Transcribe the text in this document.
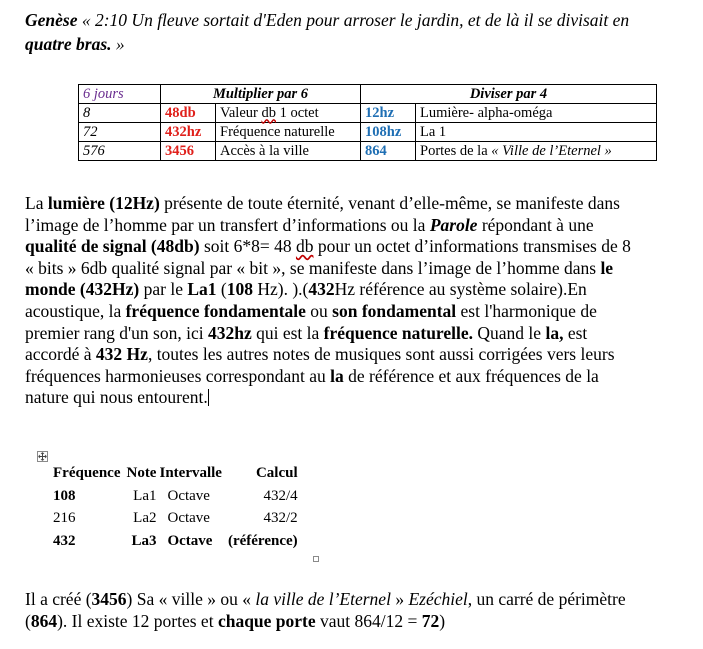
Genèse « 2:10 Un fleuve sortait d'Eden pour arroser le jardin, et de là il se divisait en quatre bras. »
6 jours	Multiplier par 6		Diviser par 4	
8	48db	Valeur db 1 octet	12hz	Lumière- alpha-oméga
72	432hz	Fréquence naturelle	108hz	La 1
576	3456	Accès à la ville	864	Portes de la « Ville de l’Eternel »
La lumière (12Hz) présente de toute éternité, venant d’elle-même, se manifeste dans l’image de l’homme par un transfert d’informations ou la Parole répondant à une qualité de signal (48db) soit 6*8= 48 db pour un octet d’informations transmises de 8 « bits » 6db qualité signal par « bit », se manifeste dans l’image de l’homme dans le monde (432Hz) par le La1 (108 Hz). ).(432Hz référence au système solaire).En acoustique, la fréquence fondamentale ou son fondamental est l'harmonique de premier rang d'un son, ici 432hz qui est la fréquence naturelle. Quand le la, est accordé à 432 Hz, toutes les autres notes de musiques sont aussi corrigées vers leurs fréquences harmonieuses correspondant au la de référence et aux fréquences de la nature qui nous entourent.
Fréquence	Note	Intervalle	Calcul
108	La1	Octave	432/4
216	La2	Octave	432/2
432	La3	Octave	(référence)
Il a créé (3456) Sa « ville » ou « la ville de l’Eternel » Ezéchiel, un carré de périmètre (864). Il existe 12 portes et chaque porte vaut 864/12 = 72)
